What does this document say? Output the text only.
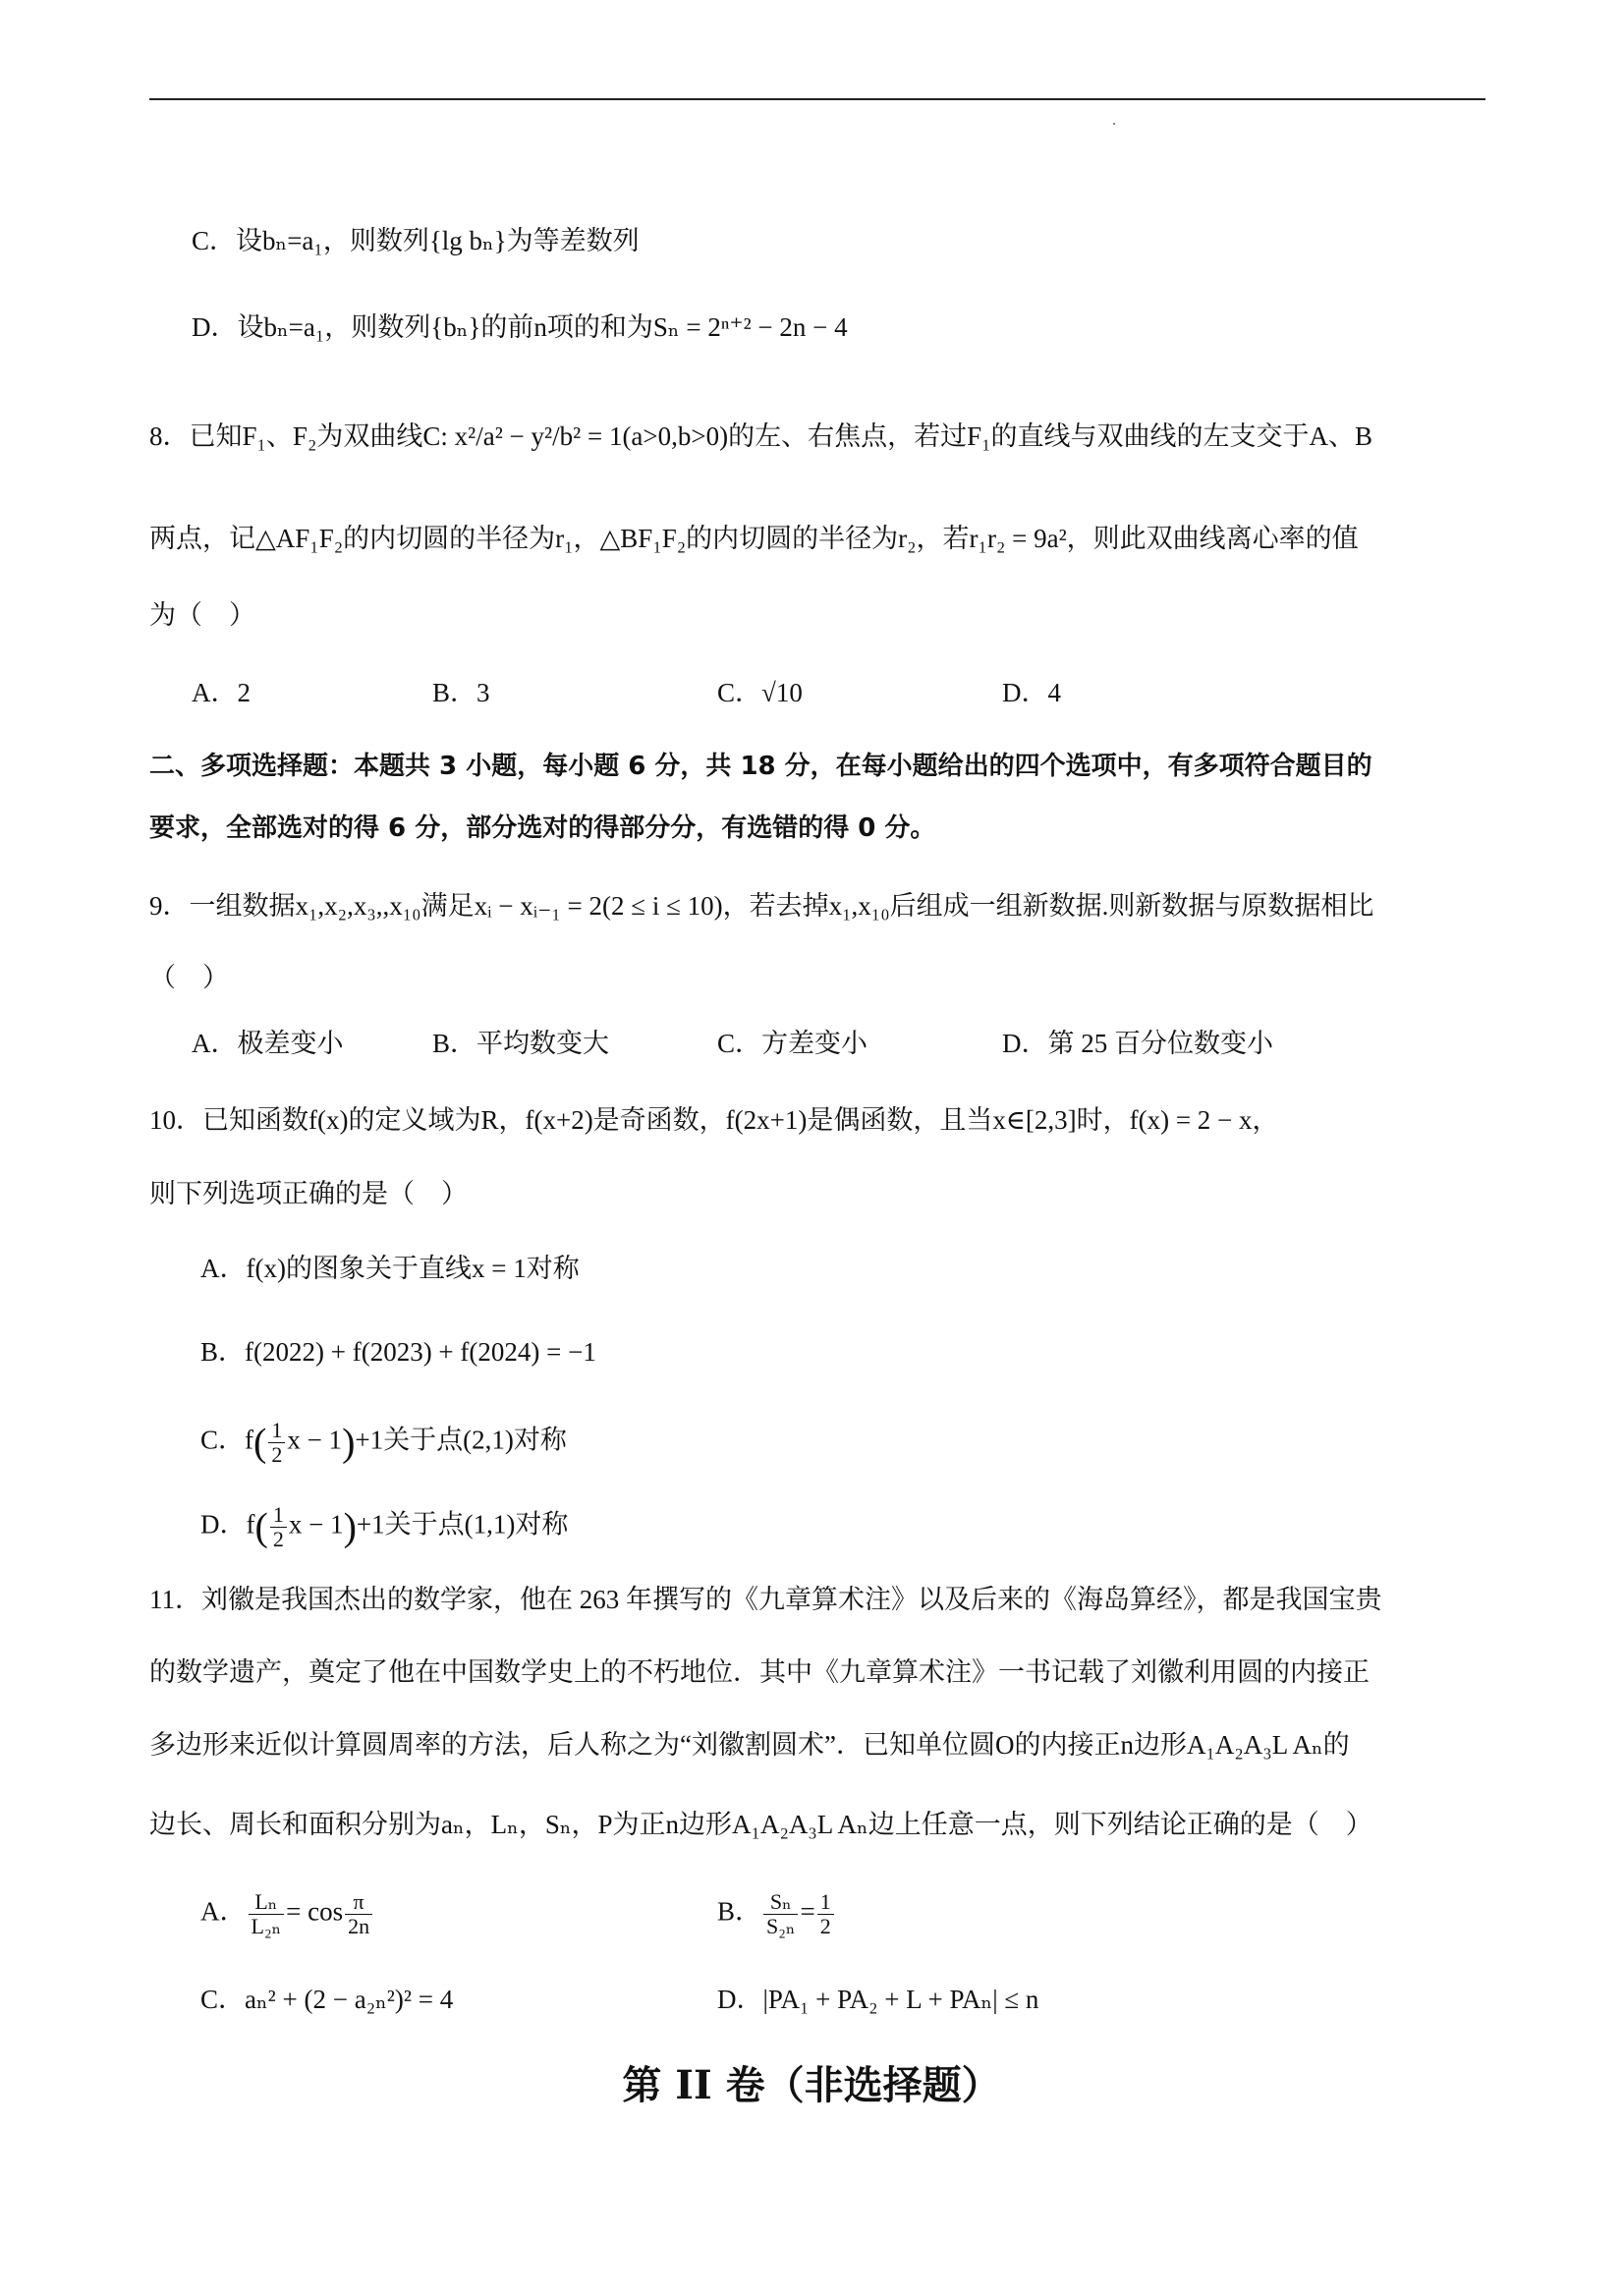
C．设bₙ=a₁，则数列{lg bₙ}为等差数列
D．设bₙ=a₁，则数列{bₙ}的前n项的和为Sₙ = 2ⁿ⁺² − 2n − 4
8．已知F₁、F₂为双曲线C: x²/a² − y²/b² = 1(a>0,b>0)的左、右焦点，若过F₁的直线与双曲线的左支交于A、B
两点，记△AF₁F₂的内切圆的半径为r₁，△BF₁F₂的内切圆的半径为r₂，若r₁r₂ = 9a²，则此双曲线离心率的值
为（　）
A．2	B．3	C．√10	D．4
二、多项选择题：本题共 3 小题，每小题 6 分，共 18 分，在每小题给出的四个选项中，有多项符合题目的
要求，全部选对的得 6 分，部分选对的得部分分，有选错的得 0 分。
9．一组数据x₁,x₂,x₃,,x₁₀满足xᵢ − xᵢ₋₁ = 2(2 ≤ i ≤ 10)，若去掉x₁,x₁₀后组成一组新数据.则新数据与原数据相比
（　）
A．极差变小	B．平均数变大	C．方差变小	D．第 25 百分位数变小
10．已知函数f(x)的定义域为R，f(x+2)是奇函数，f(2x+1)是偶函数，且当x∈[2,3]时，f(x) = 2 − x，
则下列选项正确的是（　）
A．f(x)的图象关于直线x = 1对称
B．f(2022) + f(2023) + f(2024) = −1
C．$f( \frac{1}{2}$ x − 1)+1关于点(2,1)对称
D．$f( \frac{1}{2}$ x − 1)+1关于点(1,1)对称
11．刘徽是我国杰出的数学家，他在 263 年撰写的《九章算术注》以及后来的《海岛算经》，都是我国宝贵
的数学遗产，奠定了他在中国数学史上的不朽地位．其中《九章算术注》一书记载了刘徽利用圆的内接正
多边形来近似计算圆周率的方法，后人称之为“刘徽割圆术”．已知单位圆O的内接正n边形A₁A₂A₃L Aₙ的
边长、周长和面积分别为aₙ，Lₙ，Sₙ，P为正n边形A₁A₂A₃L Aₙ边上任意一点，则下列结论正确的是（　）
A． $\frac{\text{Lₙ}}{\text{L₂ₙ}} = \cos \frac{\pi}{2n}$	B． $\frac{\text{Sₙ}}{\text{S₂ₙ}} = \frac{1}{2}$
C．aₙ² + (2 − a₂ₙ²)² = 4	D．|PA₁ + PA₂ + L + PAₙ| ≤ n
第 II 卷（非选择题）
